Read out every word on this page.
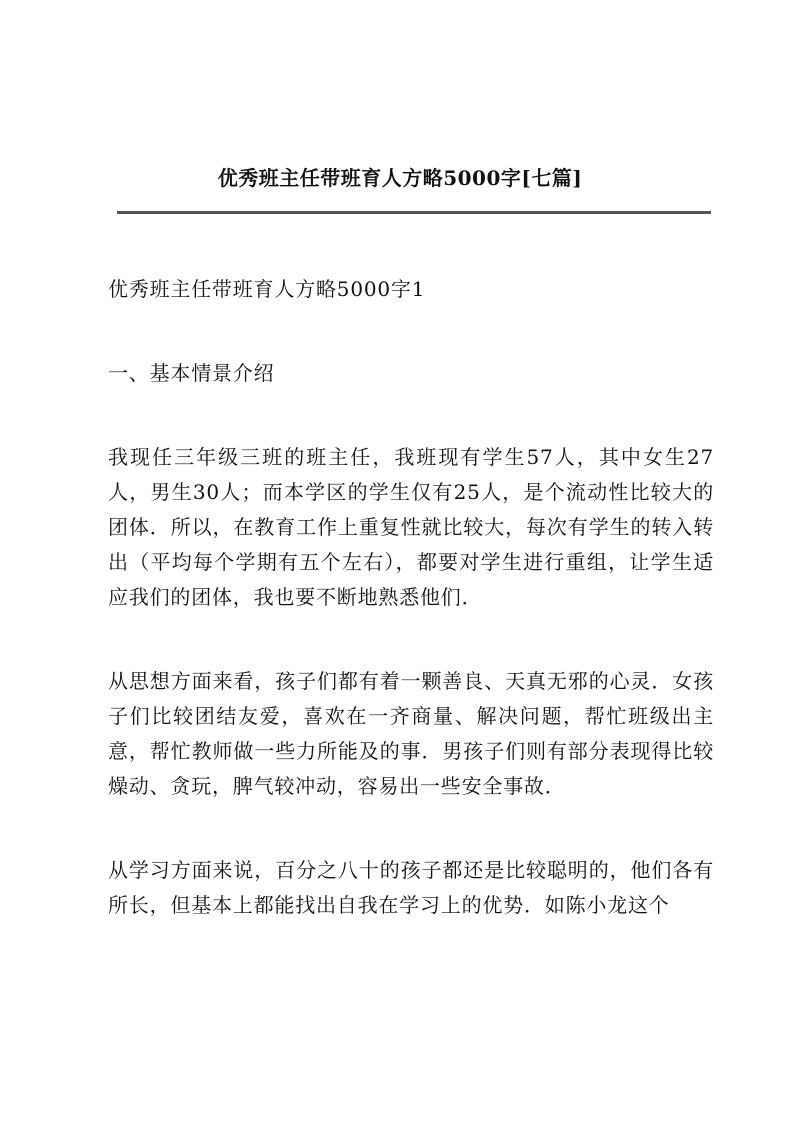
优秀班主任带班育人方略5000字[七篇]

优秀班主任带班育人方略5000字1

一、基本情景介绍

我现任三年级三班的班主任，我班现有学生57人，其中女生27人，男生30人；而本学区的学生仅有25人，是个流动性比较大的团体．所以，在教育工作上重复性就比较大，每次有学生的转入转出（平均每个学期有五个左右），都要对学生进行重组，让学生适应我们的团体，我也要不断地熟悉他们．

从思想方面来看，孩子们都有着一颗善良、天真无邪的心灵．女孩子们比较团结友爱，喜欢在一齐商量、解决问题，帮忙班级出主意，帮忙教师做一些力所能及的事．男孩子们则有部分表现得比较燥动、贪玩，脾气较冲动，容易出一些安全事故．

从学习方面来说，百分之八十的孩子都还是比较聪明的，他们各有所长，但基本上都能找出自我在学习上的优势．如陈小龙这个
